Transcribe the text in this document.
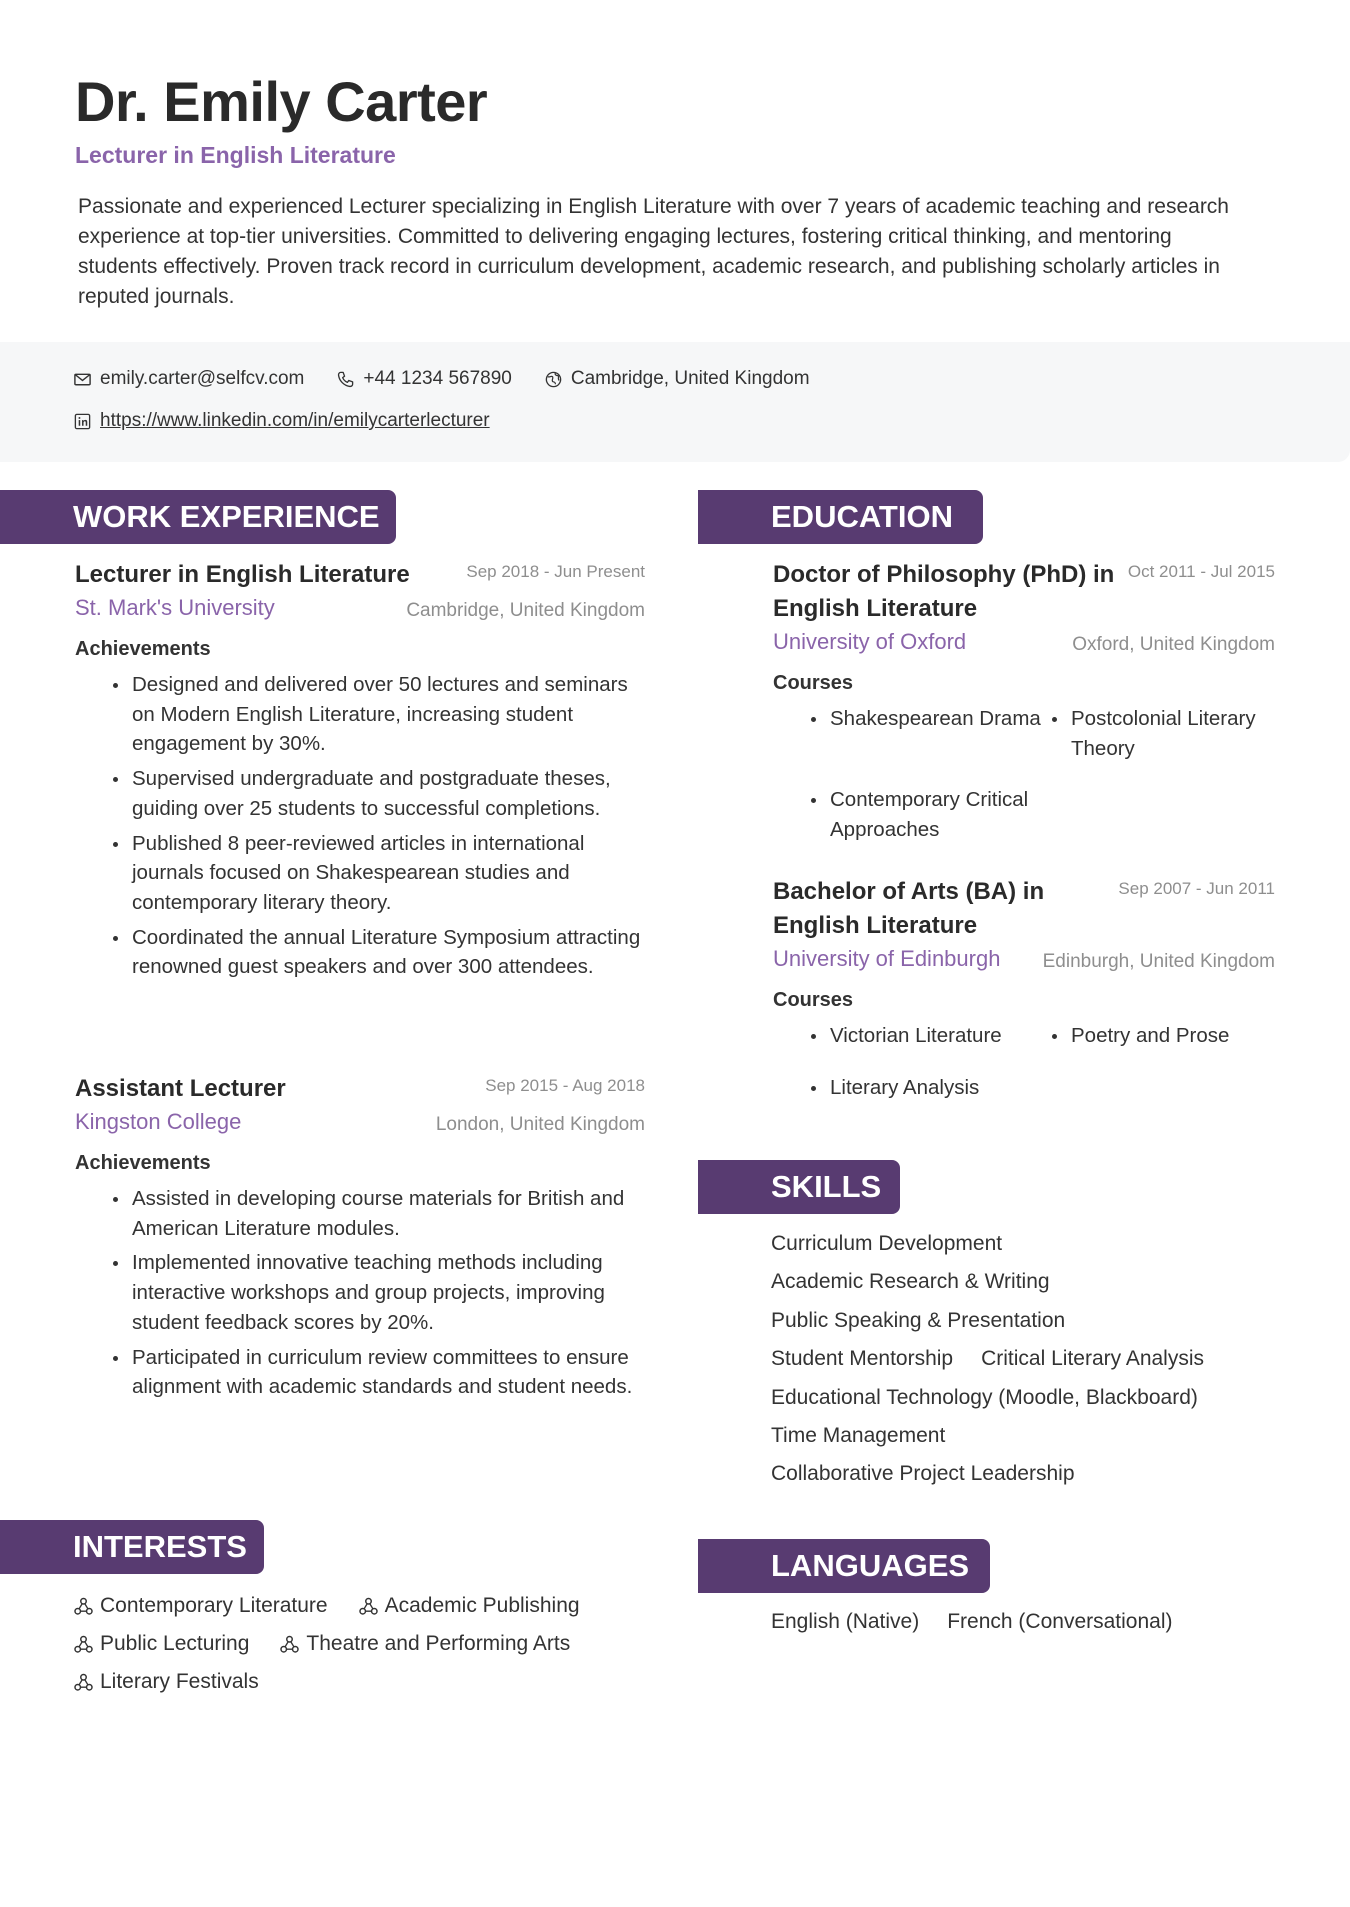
Dr. Emily Carter
Lecturer in English Literature
Passionate and experienced Lecturer specializing in English Literature with over 7 years of academic teaching and research experience at top-tier universities. Committed to delivering engaging lectures, fostering critical thinking, and mentoring students effectively. Proven track record in curriculum development, academic research, and publishing scholarly articles in reputed journals.
emily.carter@selfcv.com	+44 1234 567890	Cambridge, United Kingdom
https://www.linkedin.com/in/emilycarterlecturer
WORK EXPERIENCE
Lecturer in English Literature	Sep 2018 - Jun Present
St. Mark's University	Cambridge, United Kingdom
Achievements
Designed and delivered over 50 lectures and seminars on Modern English Literature, increasing student engagement by 30%.
Supervised undergraduate and postgraduate theses, guiding over 25 students to successful completions.
Published 8 peer-reviewed articles in international journals focused on Shakespearean studies and contemporary literary theory.
Coordinated the annual Literature Symposium attracting renowned guest speakers and over 300 attendees.
Assistant Lecturer	Sep 2015 - Aug 2018
Kingston College	London, United Kingdom
Achievements
Assisted in developing course materials for British and American Literature modules.
Implemented innovative teaching methods including interactive workshops and group projects, improving student feedback scores by 20%.
Participated in curriculum review committees to ensure alignment with academic standards and student needs.
EDUCATION
Doctor of Philosophy (PhD) in English Literature
Oct 2011 - Jul 2015
University of Oxford	Oxford, United Kingdom
Courses
Shakespearean Drama	Postcolonial Literary Theory
Contemporary Critical Approaches
Bachelor of Arts (BA) in English Literature
Sep 2007 - Jun 2011
University of Edinburgh	Edinburgh, United Kingdom
Courses
Victorian Literature	Poetry and Prose
Literary Analysis
SKILLS
Curriculum Development
Academic Research & Writing
Public Speaking & Presentation
Student Mentorship Critical Literary Analysis
Educational Technology (Moodle, Blackboard)
Time Management
Collaborative Project Leadership
INTERESTS
Contemporary Literature	Academic Publishing
Public Lecturing	Theatre and Performing Arts
Literary Festivals
LANGUAGES
English (Native) French (Conversational)
